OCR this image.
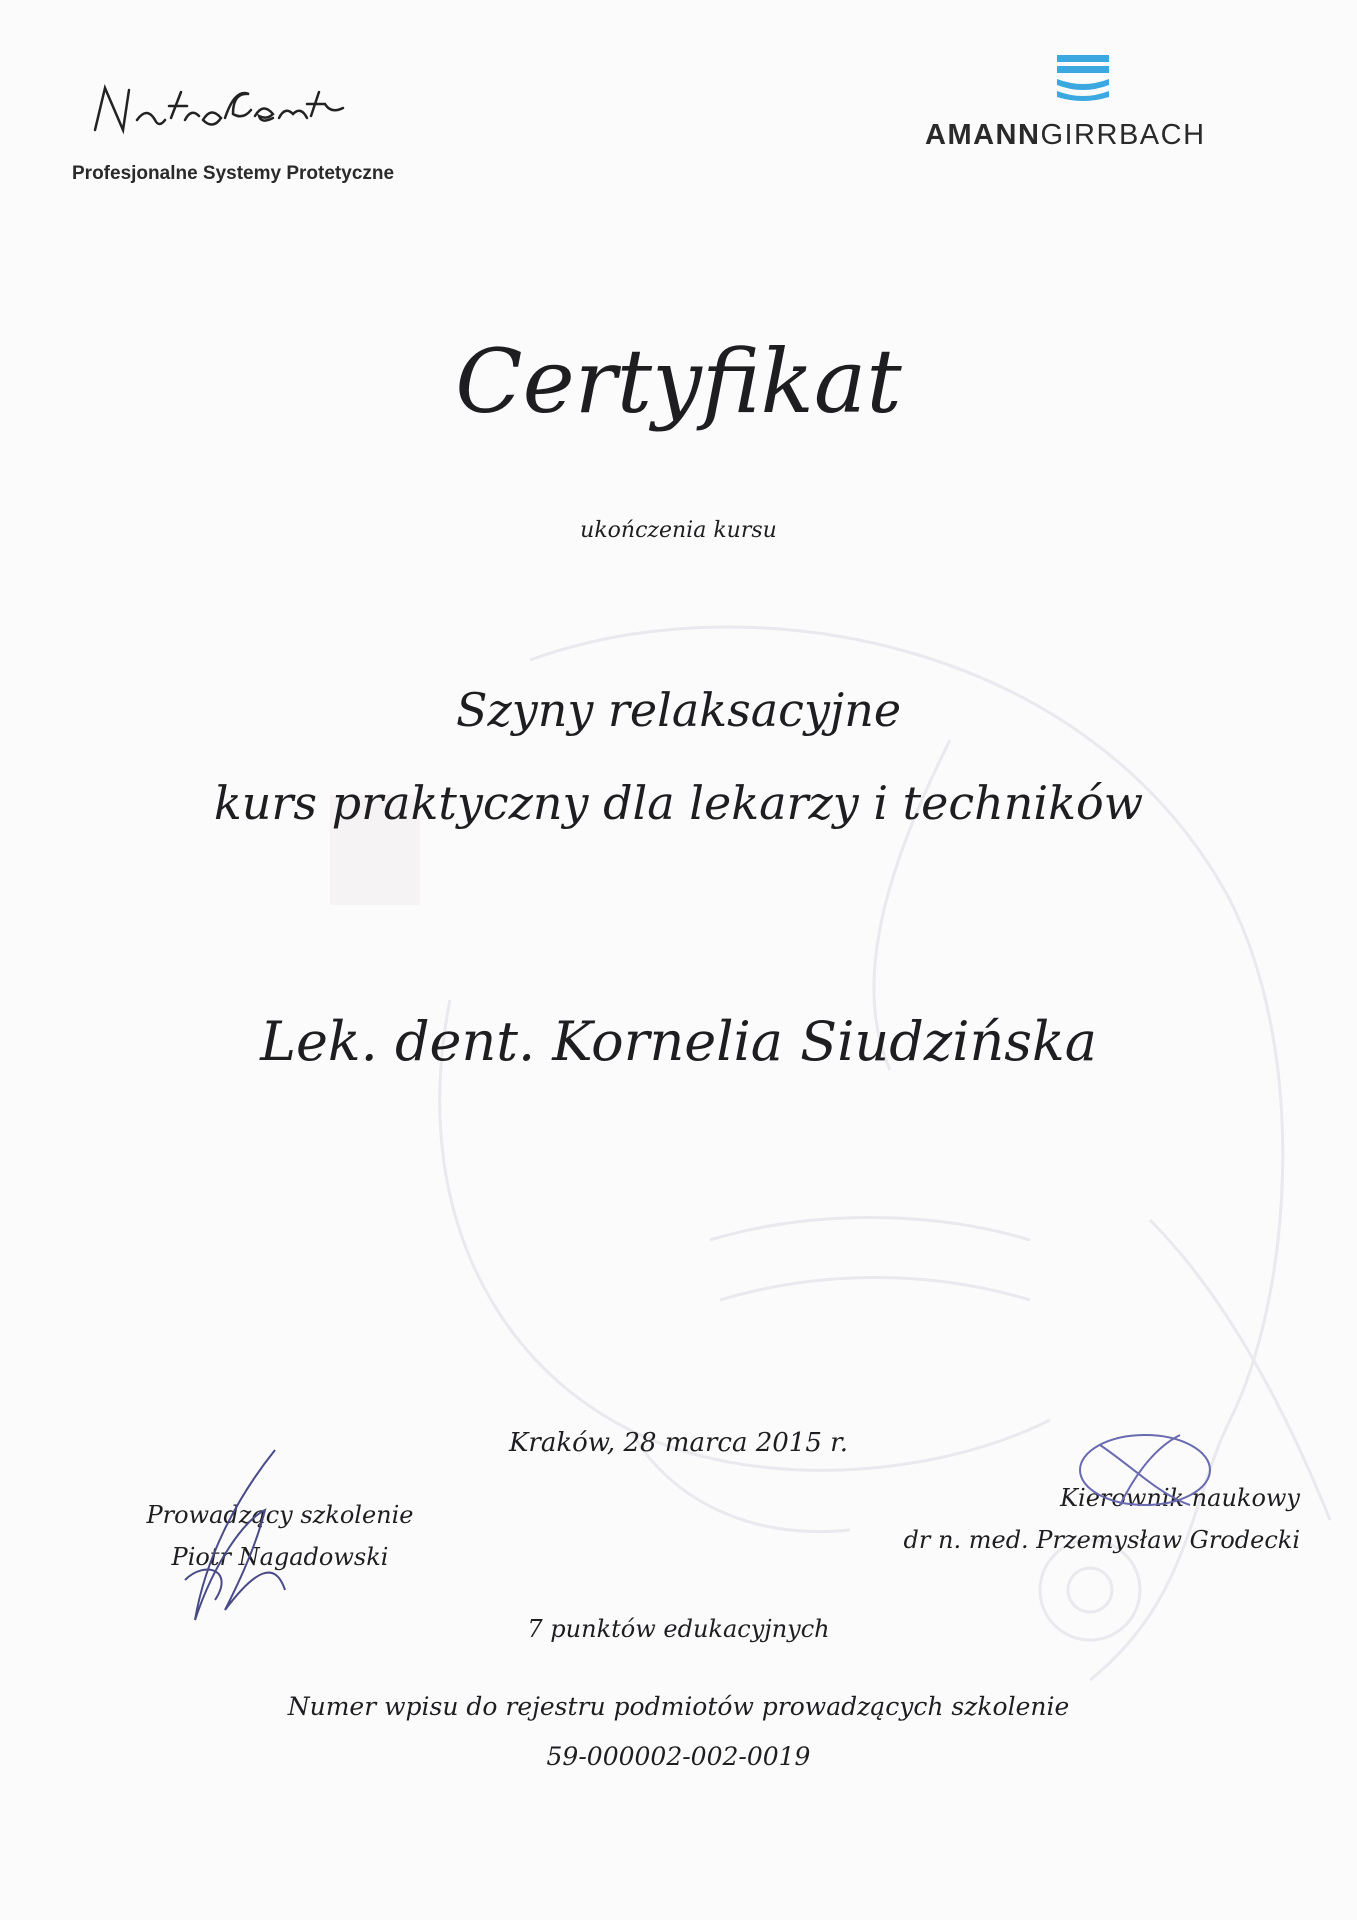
Profesjonalne Systemy Protetyczne
AMANNGIRRBACH
Certyfikat
ukończenia kursu
Szyny relaksacyjne
kurs praktyczny dla lekarzy i techników
Lek. dent. Kornelia Siudzińska
Kraków, 28 marca 2015 r.
Prowadzący szkolenie
Piotr Nagadowski
Kierownik naukowy
dr n. med. Przemysław Grodecki
7 punktów edukacyjnych
Numer wpisu do rejestru podmiotów prowadzących szkolenie
59-000002-002-0019
